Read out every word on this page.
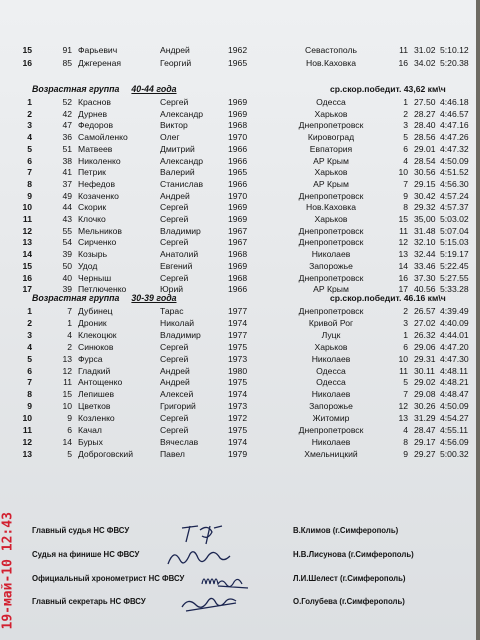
15	91 Фарьевич	Андрей	1962	Севастополь	11 31.02 5:10.12
16	85 Джгереная	Георгий	1965	Нов.Каховка	16 34.02 5:20.38
Возрастная группа 40-44 года	ср.скор.победит. 43,62 км\ч
1	52 Краснов	Сергей	1969	Одесса	1 27.50 4:46.18
2	42 Дурнев	Александр	1969	Харьков	2 28.27 4:46.57
3	47 Федоров	Виктор	1968	Днепропетровск	3 28.40 4:47.16
4	36 Самойленко	Олег	1970	Кировоград	5 28.56 4:47.26
5	51 Матвеев	Дмитрий	1966	Евпатория	6 29.01 4:47.32
6	38 Николенко	Александр	1966	АР Крым	4 28.54 4:50.09
7	41 Петрик	Валерий	1965	Харьков	10 30.56 4:51.52
8	37 Нефедов	Станислав	1966	АР Крым	7 29.15 4:56.30
9	49 Козаченко	Андрей	1970	Днепропетровск	9 30.42 4:57.24
10	44 Скорик	Сергей	1969	Нов.Каховка	8 29.32 4:57.37
11	43 Клочко	Сергей	1969	Харьков	15 35,00 5:03.02
12	55 Мельников	Владимир	1967	Днепропетровск	11 31.48 5:07.04
13	54 Сирченко	Сергей	1967	Днепропетровск	12 32.10 5:15.03
14	39 Козырь	Анатолий	1968	Николаев	13 32.44 5:19.17
15	50 Удод	Евгений	1969	Запорожье	14 33.46 5:22.45
16	40 Черныш	Сергей	1968	Днепропетровск	16 37.30 5:27.55
17	39 Петлюченко	Юрий	1966	АР Крым	17 40.56 5:33.28
Возрастная группа 30-39 года	ср.скор.победит. 46.16 км\ч
1	7 Дубинец	Тарас	1977	Днепропетровск	2 26.57 4:39.49
2	1 Дроник	Николай	1974	Кривой Рог	3 27.02 4:40.09
3	4 Клекоцюк	Владимир	1977	Луцк	1 26.32 4:44.01
4	2 Синюков	Сергей	1975	Харьков	6 29.06 4:47.20
5	13 Фурса	Сергей	1973	Николаев	10 29.31 4:47.30
6	12 Гладкий	Андрей	1980	Одесса	11 30.11 4:48.11
7	11 Антощенко	Андрей	1975	Одесса	5 29.02 4:48.21
8	15 Лепишев	Алексей	1974	Николаев	7 29.08 4:48.47
9	10 Цветков	Григорий	1973	Запорожье	12 30.26 4:50.09
10	9 Козленко	Сергей	1972	Житомир	13 31.29 4:54.27
11	6 Качал	Сергей	1975	Днепропетровск	4 28.47 4:55.11
12	14 Бурых	Вячеслав	1974	Николаев	8 29.17 4:56.09
13	5 Доброговский	Павел	1979	Хмельницкий	9 29.27 5:00.32
Главный судья НС ФВСУ	В.Климов (г.Симферополь)
Судья на финише НС ФВСУ	Н.В.Лисунова (г.Симферополь)
Официальный хронометрист НС ФВСУ	Л.И.Шелест (г.Симферополь)
Главный секретарь НС ФВСУ	О.Голубева (г.Симферополь)
19-май-10 12:43
